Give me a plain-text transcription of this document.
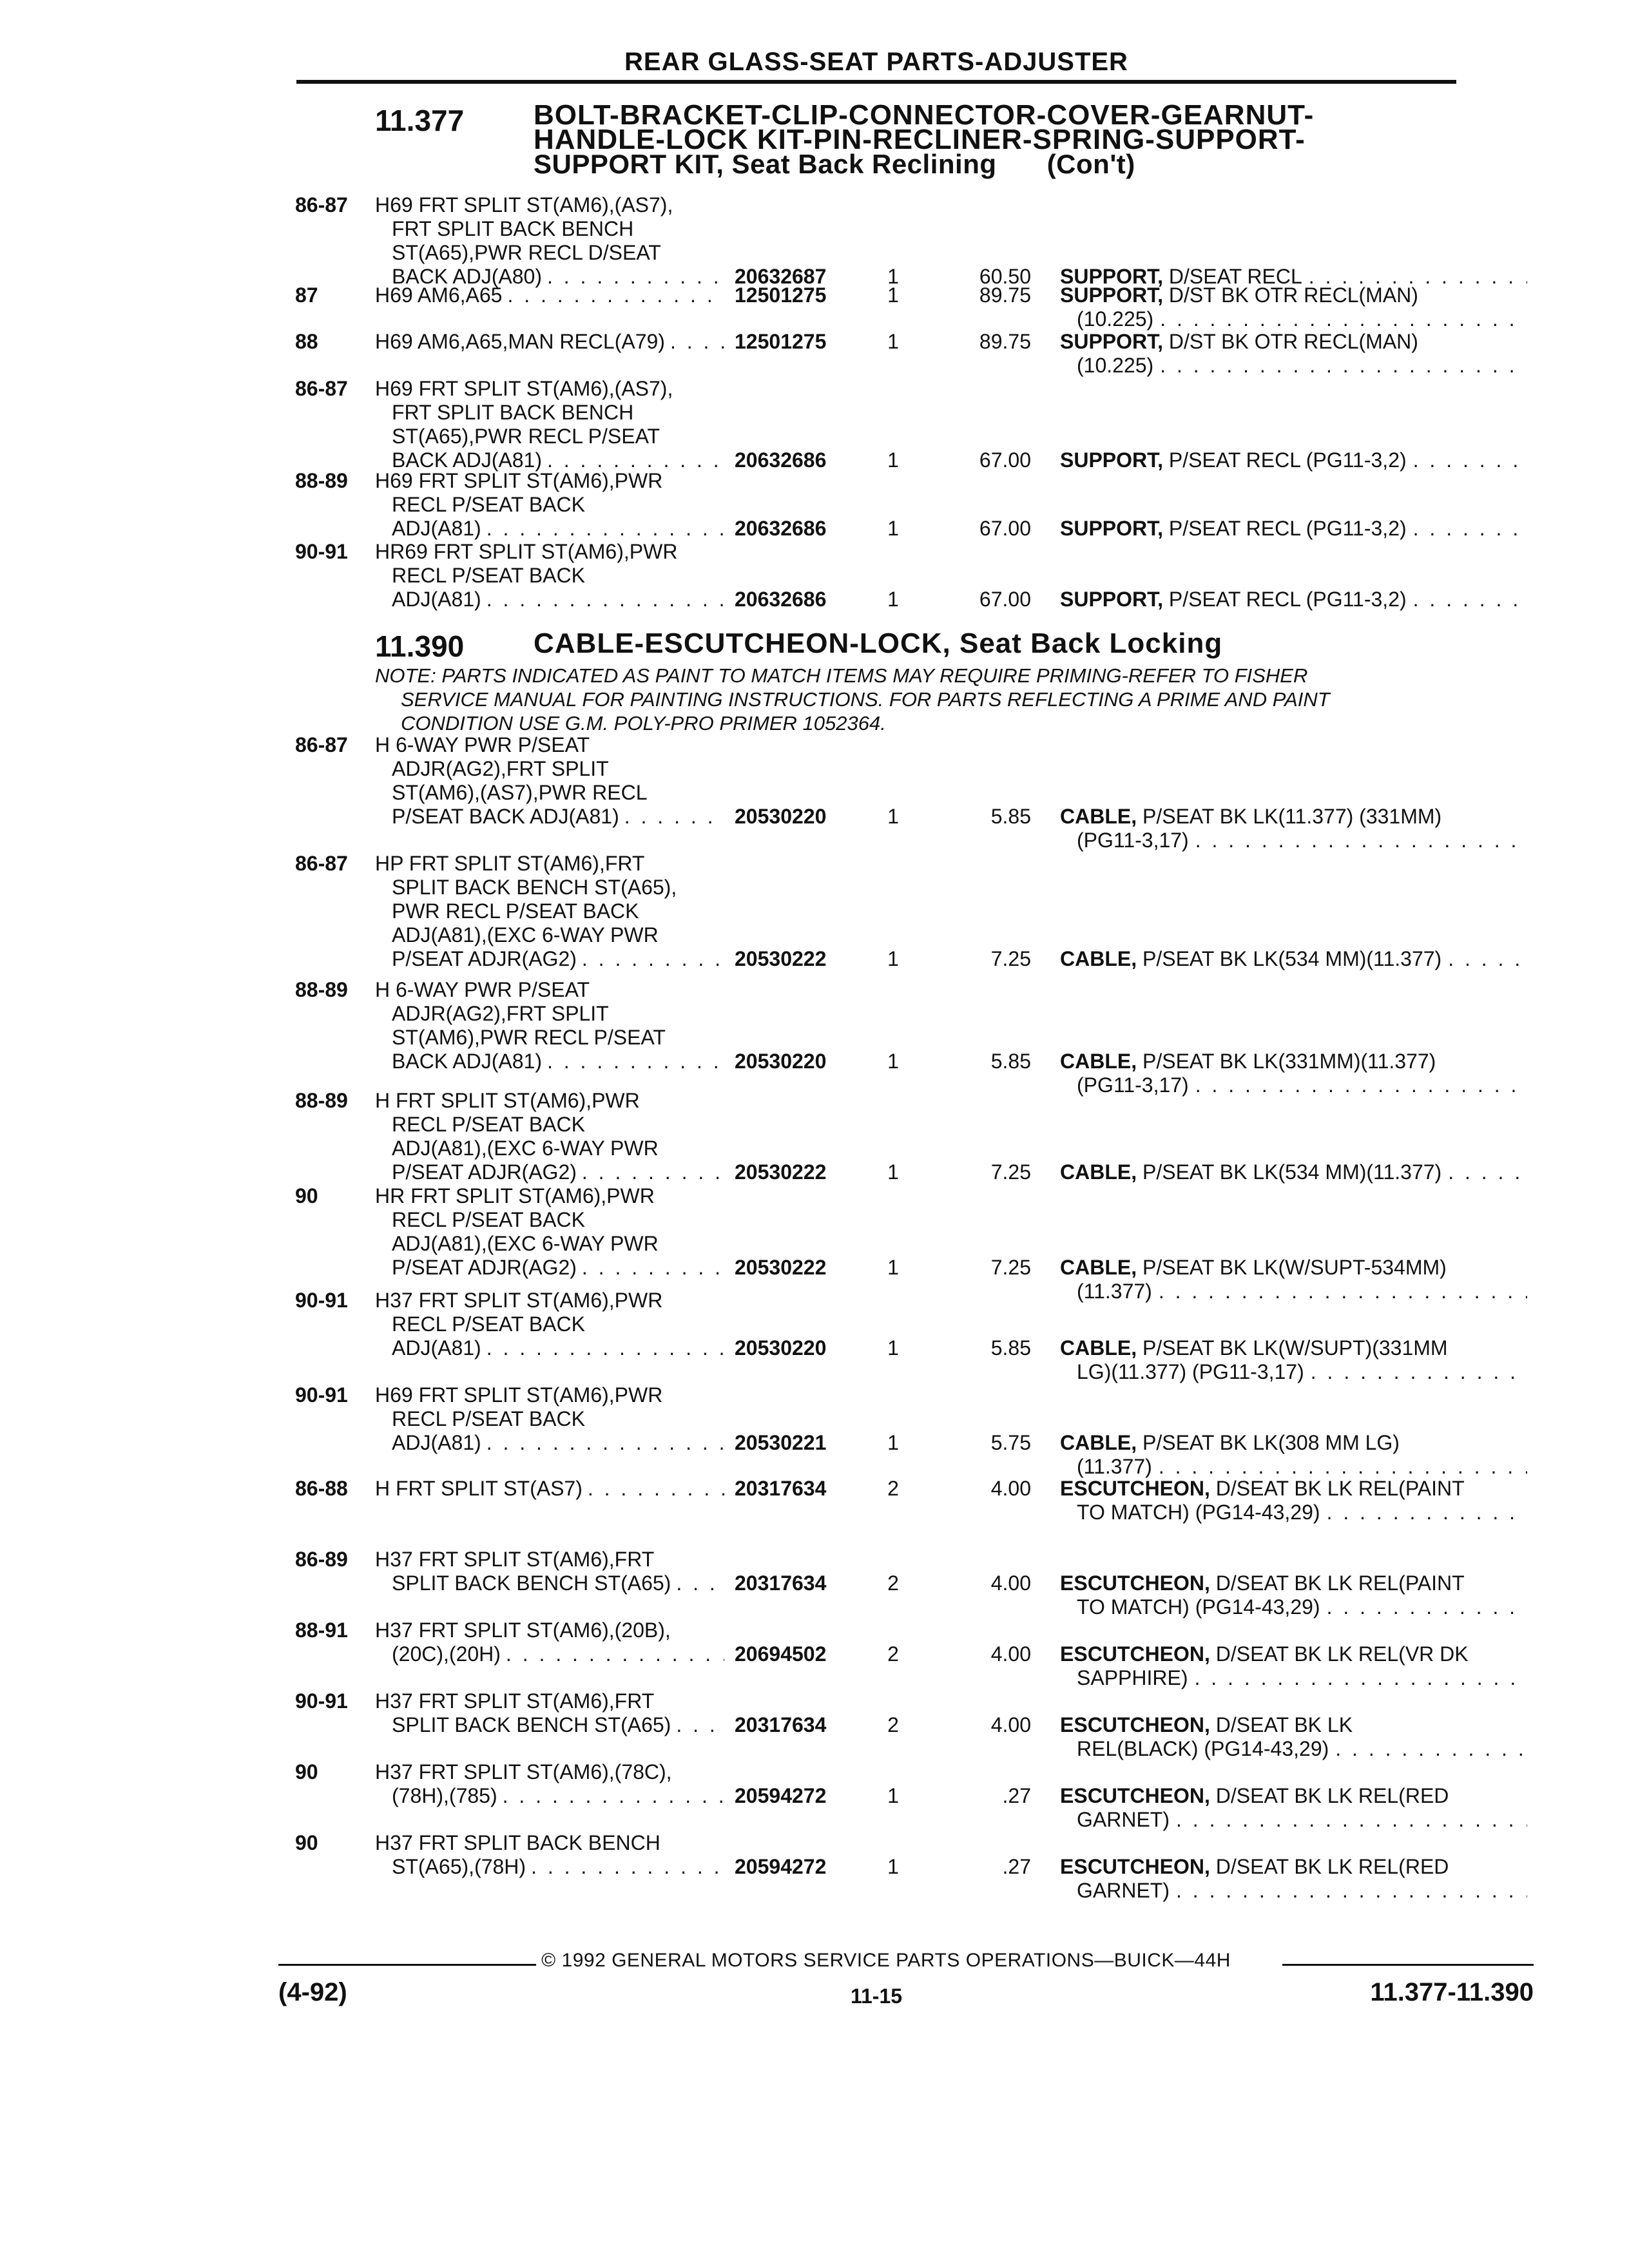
REAR GLASS-SEAT PARTS-ADJUSTER
11.377 BOLT-BRACKET-CLIP-CONNECTOR-COVER-GEARNUT-
HANDLE-LOCK KIT-PIN-RECLINER-SPRING-SUPPORT-
SUPPORT KIT, Seat Back Reclining (Con't)
86-87 H69 FRT SPLIT ST(AM6),(AS7),
FRT SPLIT BACK BENCH
ST(A65),PWR RECL D/SEAT
BACK ADJ(A80) . . .	20632687	1	60.50 SUPPORT, D/SEAT RECL
. . .
87	H69 AM6,A65 . . .	12501275	1	89.75 SUPPORT, D/ST BK OTR RECL(MAN)
(10.225)
. . .
88	H69 AM6,A65,MAN RECL(A79) . . .	12501275	1	89.75 SUPPORT, D/ST BK OTR RECL(MAN)
(10.225)
. . .
86-87 H69 FRT SPLIT ST(AM6),(AS7),
FRT SPLIT BACK BENCH
ST(A65),PWR RECL P/SEAT
BACK ADJ(A81) . . .	20632686	1	67.00 SUPPORT, P/SEAT RECL (PG11-3,2)
. . .
88-89 H69 FRT SPLIT ST(AM6),PWR
RECL P/SEAT BACK
ADJ(A81) . . .	20632686	1	67.00 SUPPORT, P/SEAT RECL (PG11-3,2)
. . .
90-91 HR69 FRT SPLIT ST(AM6),PWR
RECL P/SEAT BACK
ADJ(A81) . . .	20632686	1	67.00 SUPPORT, P/SEAT RECL (PG11-3,2)
. . .
11.390 CABLE-ESCUTCHEON-LOCK, Seat Back Locking
NOTE: PARTS INDICATED AS PAINT TO MATCH ITEMS MAY REQUIRE PRIMING-REFER TO FISHER
SERVICE MANUAL FOR PAINTING INSTRUCTIONS. FOR PARTS REFLECTING A PRIME AND PAINT
CONDITION USE G.M. POLY-PRO PRIMER 1052364.
86-87 H 6-WAY PWR P/SEAT
ADJR(AG2),FRT SPLIT
ST(AM6),(AS7),PWR RECL
P/SEAT BACK ADJ(A81) . . .	20530220	1	5.85 CABLE, P/SEAT BK LK(11.377) (331MM)
(PG11-3,17)
. . .
86-87 HP FRT SPLIT ST(AM6),FRT
SPLIT BACK BENCH ST(A65),
PWR RECL P/SEAT BACK
ADJ(A81),(EXC 6-WAY PWR
P/SEAT ADJR(AG2) . . .	20530222	1	7.25 CABLE, P/SEAT BK LK(534 MM)(11.377)
. . .
88-89 H 6-WAY PWR P/SEAT
ADJR(AG2),FRT SPLIT
ST(AM6),PWR RECL P/SEAT
BACK ADJ(A81) . . .	20530220	1	5.85 CABLE, P/SEAT BK LK(331MM)(11.377)
(PG11-3,17)
. . .
88-89 H FRT SPLIT ST(AM6),PWR
RECL P/SEAT BACK
ADJ(A81),(EXC 6-WAY PWR
P/SEAT ADJR(AG2) . . .	20530222	1	7.25 CABLE, P/SEAT BK LK(534 MM)(11.377)
. . .
90	HR FRT SPLIT ST(AM6),PWR
RECL P/SEAT BACK
ADJ(A81),(EXC 6-WAY PWR
P/SEAT ADJR(AG2) . . .	20530222	1	7.25 CABLE, P/SEAT BK LK(W/SUPT-534MM)
(11.377)
. . .
90-91 H37 FRT SPLIT ST(AM6),PWR
RECL P/SEAT BACK
ADJ(A81) . . .	20530220	1	5.85 CABLE, P/SEAT BK LK(W/SUPT)(331MM
LG)(11.377) (PG11-3,17)
. . .
90-91 H69 FRT SPLIT ST(AM6),PWR
RECL P/SEAT BACK
ADJ(A81) . . .	20530221	1	5.75 CABLE, P/SEAT BK LK(308 MM LG)
(11.377)
. . .
86-88 H FRT SPLIT ST(AS7) . . .	20317634	2	4.00 ESCUTCHEON, D/SEAT BK LK REL(PAINT
TO MATCH) (PG14-43,29)
. . .
86-89 H37 FRT SPLIT ST(AM6),FRT
SPLIT BACK BENCH ST(A65) . . .	20317634	2	4.00 ESCUTCHEON, D/SEAT BK LK REL(PAINT
TO MATCH) (PG14-43,29)
. . .
88-91 H37 FRT SPLIT ST(AM6),(20B),
(20C),(20H) . . .	20694502	2	4.00 ESCUTCHEON, D/SEAT BK LK REL(VR DK
SAPPHIRE)
. . .
90-91 H37 FRT SPLIT ST(AM6),FRT
SPLIT BACK BENCH ST(A65) . . .	20317634	2	4.00 ESCUTCHEON, D/SEAT BK LK
REL(BLACK) (PG14-43,29)
. . .
90	H37 FRT SPLIT ST(AM6),(78C),
(78H),(785) . . .	20594272	1	.27 ESCUTCHEON, D/SEAT BK LK REL(RED
GARNET)
. . .
90	H37 FRT SPLIT BACK BENCH
ST(A65),(78H) . . .	20594272	1	.27 ESCUTCHEON, D/SEAT BK LK REL(RED
GARNET)
. . .
© 1992 GENERAL MOTORS SERVICE PARTS OPERATIONS—BUICK—44H
(4-92)	11-15	11.377-11.390
